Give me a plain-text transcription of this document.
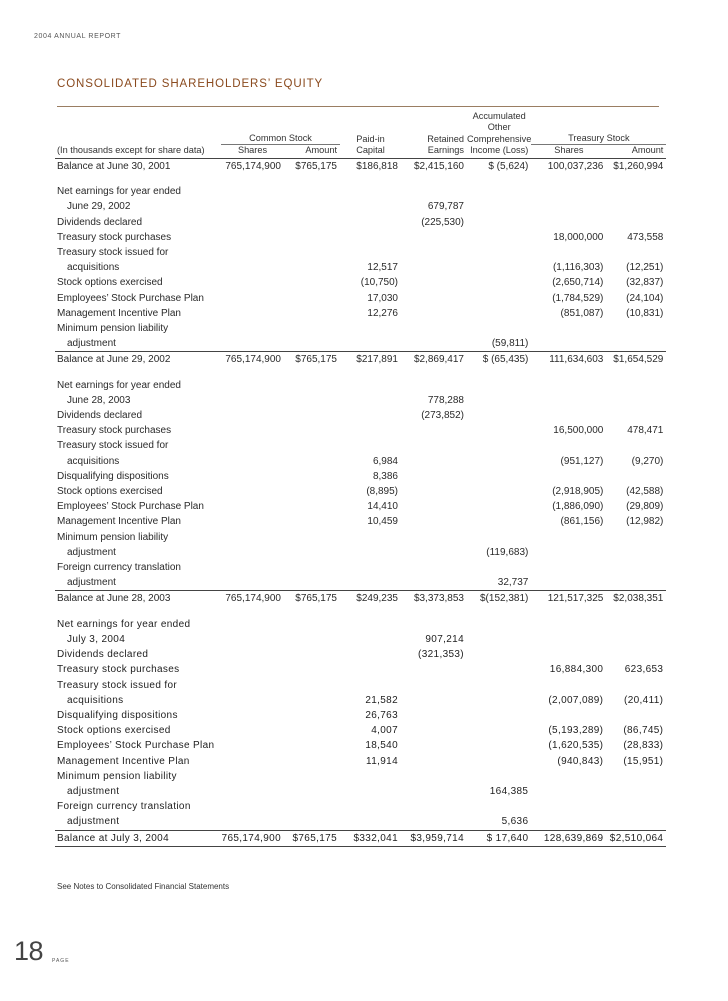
2004 ANNUAL REPORT
CONSOLIDATED SHAREHOLDERS’ EQUITY
					Accumulated		
					Other		

	Common Stock		Paid-in	Retained	Comprehensive	Treasury Stock	

(In thousands except for share data)	Shares	Amount	Capital	Earnings	Income (Loss)	Shares	Amount
Balance at June 30, 2001	765,174,900	$765,175	$186,818	$2,415,160	$ (5,624)	100,037,236	$1,260,994

Net earnings for year ended							
June 29, 2002				679,787			
Dividends declared				(225,530)			
Treasury stock purchases						18,000,000	473,558
Treasury stock issued for							
acquisitions			12,517			(1,116,303)	(12,251)
Stock options exercised			(10,750)			(2,650,714)	(32,837)
Employees’ Stock Purchase Plan			17,030			(1,784,529)	(24,104)
Management Incentive Plan			12,276			(851,087)	(10,831)
Minimum pension liability							
adjustment					(59,811)		
Balance at June 29, 2002	765,174,900	$765,175	$217,891	$2,869,417	$ (65,435)	111,634,603	$1,654,529

Net earnings for year ended							
June 28, 2003				778,288			
Dividends declared				(273,852)			
Treasury stock purchases						16,500,000	478,471
Treasury stock issued for							
acquisitions			6,984			(951,127)	(9,270)
Disqualifying dispositions			8,386				
Stock options exercised			(8,895)			(2,918,905)	(42,588)
Employees’ Stock Purchase Plan			14,410			(1,886,090)	(29,809)
Management Incentive Plan			10,459			(861,156)	(12,982)
Minimum pension liability							
adjustment					(119,683)		
Foreign currency translation							
adjustment					32,737		
Balance at June 28, 2003	765,174,900	$765,175	$249,235	$3,373,853	$(152,381)	121,517,325	$2,038,351

Net earnings for year ended							
July 3, 2004				907,214			
Dividends declared				(321,353)			
Treasury stock purchases						16,884,300	623,653
Treasury stock issued for							
acquisitions			21,582			(2,007,089)	(20,411)
Disqualifying dispositions			26,763				
Stock options exercised			4,007			(5,193,289)	(86,745)
Employees’ Stock Purchase Plan			18,540			(1,620,535)	(28,833)
Management Incentive Plan			11,914			(940,843)	(15,951)
Minimum pension liability							
adjustment					164,385		
Foreign currency translation							
adjustment					5,636		
Balance at July 3, 2004	765,174,900	$765,175	$332,041	$3,959,714	$ 17,640	128,639,869	$2,510,064
See Notes to Consolidated Financial Statements
18 PAGE
